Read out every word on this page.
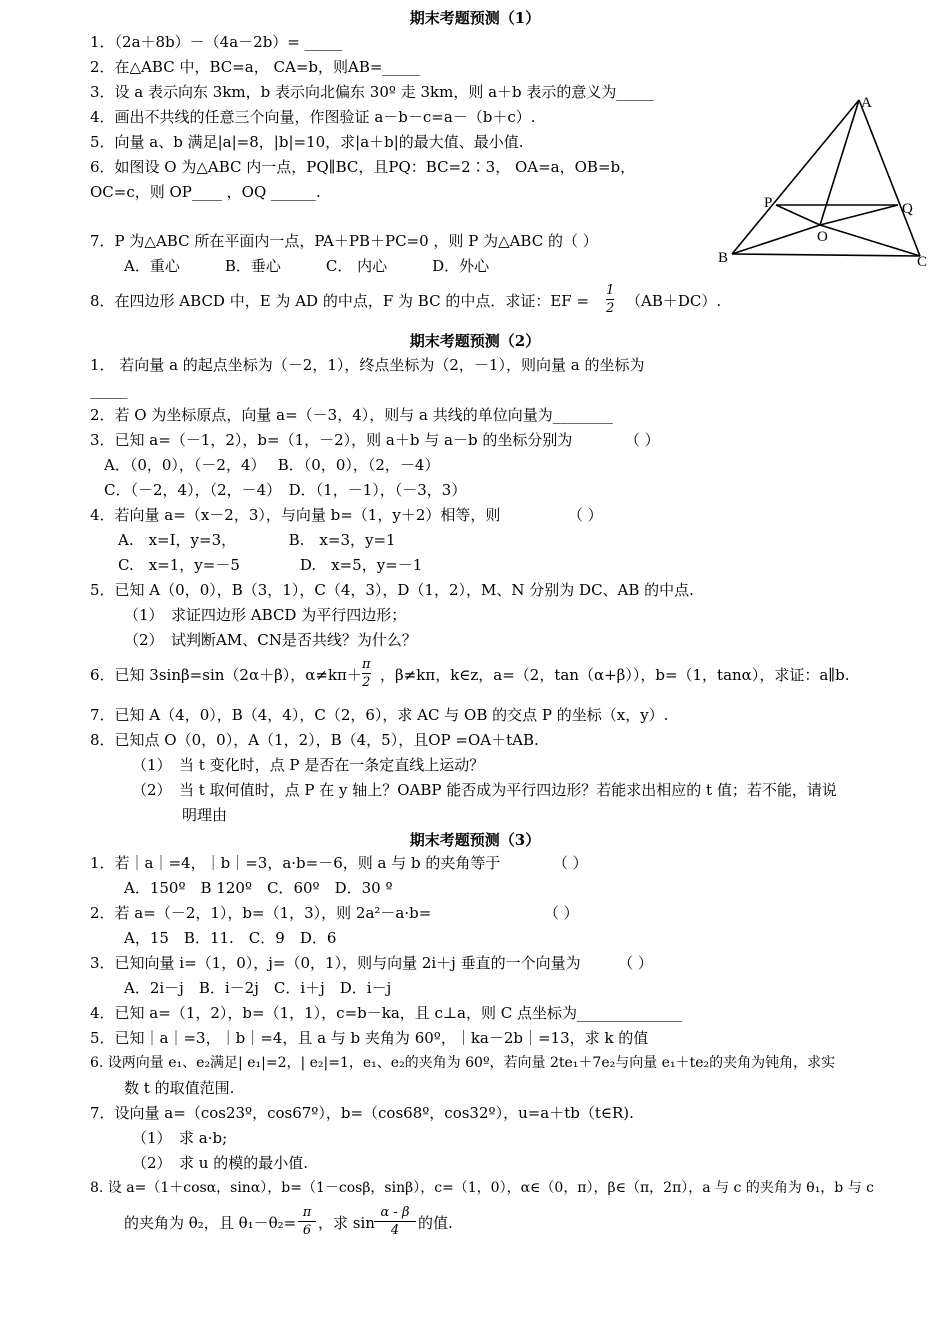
期末考题预测（1）
1．（2a＋8b）－（4a－2b）= _____
2．在△ABC 中，BC=a， CA=b，则AB=_____
3．设 a 表示向东 3km，b 表示向北偏东 30º 走 3km，则 a＋b 表示的意义为_____
4．画出不共线的任意三个向量，作图验证 a－b－c=a－（b＋c）.
5．向量 a、b 满足|a|=8，|b|=10，求|a＋b|的最大值、最小值.
6．如图设 O 为△ABC 内一点，PQ∥BC，且PQ：BC=2∶3， OA=a，OB=b，
OC=c，则 OP____ ，OQ ______.
7．P 为△ABC 所在平面内一点，PA＋PB＋PC=0 ，则 P 为△ABC 的（ ）
A．重心　　　B．垂心　　　C． 内心　　　D．外心
8．在四边形 ABCD 中，E 为 AD 的中点，F 为 BC 的中点．求证：EF =
1
2 （AB＋DC）.
A
P	Q
O
B	C
期末考题预测（2）
1． 若向量 a 的起点坐标为（－2，1），终点坐标为（2，－1），则向量 a 的坐标为
_____
2．若 O 为坐标原点，向量 a=（－3，4），则与 a 共线的单位向量为________
3．已知 a=（－1，2），b=（1，－2），则 a＋b 与 a－b 的坐标分别为　　　　（ ）
A．（0，0），（－2，4）　 B．（0，0），（2，－4）
C．（－2，4），（2，－4）　D．（1，－1），（－3，3）
4．若向量 a=（x－2，3），与向量 b=（1，y＋2）相等，则　　　　　（ ）
A.　x=I，y=3，　　　　B.　x=3，y=1
C.　x=1，y=－5　　　　D.　x=5，y=－1
5．已知 A（0，0），B（3，1），C（4，3），D（1，2），M、N 分别为 DC、AB 的中点.
（1）　求证四边形 ABCD 为平行四边形；
（2）　试判断AM、CN是否共线？为什么？
6．已知 3sinβ=sin（2α＋β），α≠kπ＋
π
2 ，β≠kπ，k∈z，a=（2，tan（α+β）），b=（1，tanα），求证：a∥b.
7．已知 A（4，0），B（4，4），C（2，6），求 AC 与 OB 的交点 P 的坐标（x，y）.
8．已知点 O（0，0），A（1，2），B（4，5），且OP =OA＋tAB.
（1）　当 t 变化时，点 P 是否在一条定直线上运动？
（2）　当 t 取何值时，点 P 在 y 轴上？OABP 能否成为平行四边形？若能求出相应的 t 值；若不能，请说
明理由
期末考题预测（3）
1．若｜a｜=4，｜b｜=3，a·b=－6，则 a 与 b 的夹角等于　　　　（ ）
A．150º　B 120º　C．60º　D．30 º
2．若 a=（－2，1），b=（1，3），则 2a²－a·b=　　　　　　　　（ ）
A，15　B．11.　C．9　D．6
3．已知向量 i=（1，0），j=（0，1），则与向量 2i＋j 垂直的一个向量为　　　（ ）
A．2i－j　B．i－2j　C．i＋j　D．i－j
4．已知 a=（1，2），b=（1，1），c=b－ka，且 c⊥a，则 C 点坐标为______________
5．已知｜a｜=3，｜b｜=4，且 a 与 b 夹角为 60º，｜ka－2b｜=13，求 k 的值
6. 设两向量 e₁、e₂满足| e₁|=2，| e₂|=1，e₁、e₂的夹角为 60º，若向量 2te₁＋7e₂与向量 e₁＋te₂的夹角为钝角，求实
数 t 的取值范围.
7．设向量 a=（cos23º，cos67º），b=（cos68º，cos32º），u=a＋tb（t∈R).
（1）　求 a·b;
（2）　求 u 的模的最小值.
8. 设 a=（1＋cosα，sinα），b=（1－cosβ，sinβ），c=（1，0），α∈（0，π），β∈（π，2π），a 与 c 的夹角为 θ₁，b 与 c
的夹角为 θ₂，且 θ₁－θ₂=
π
6 ，求 sin
α - β
4	的值.
